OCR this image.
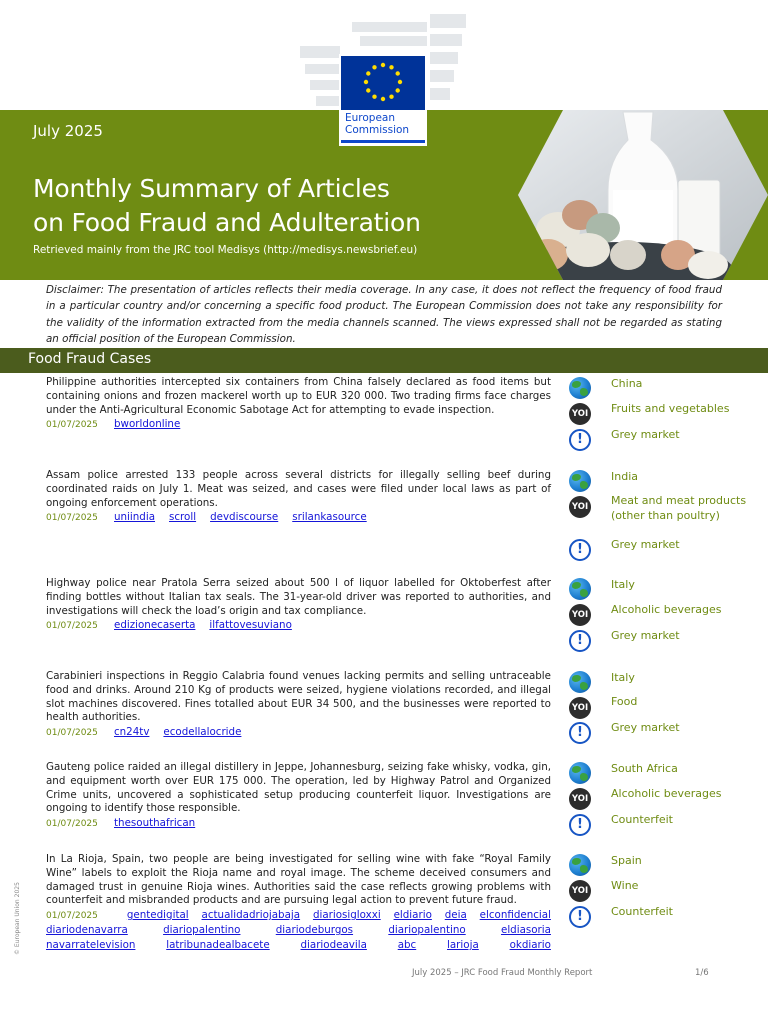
European
Commission
July 2025
Monthly Summary of Articles
on Food Fraud and Adulteration
Retrieved mainly from the JRC tool Medisys (http://medisys.newsbrief.eu)
Disclaimer: The presentation of articles reflects their media coverage. In any case, it does not reflect the frequency of food fraud in a particular country and/or concerning a specific food product. The European Commission does not take any responsibility for the validity of the information extracted from the media channels scanned. The views expressed shall not be regarded as stating an official position of the European Commission.
Food Fraud Cases
Philippine authorities intercepted six containers from China falsely declared as food items but containing onions and frozen mackerel worth up to EUR 320 000. Two trading firms face charges under the Anti-Agricultural Economic Sabotage Act for attempting to evade inspection.
01/07/2025 bworldonline
China
YOI Fruits and vegetables
!	Grey market
Assam police arrested 133 people across several districts for illegally selling beef during coordinated raids on July 1. Meat was seized, and cases were filed under local laws as part of ongoing enforcement operations.
01/07/2025 uniindia scroll devdiscourse srilankasource
India
YOI Meat and meat products (other than poultry)
!	Grey market
Highway police near Pratola Serra seized about 500 l of liquor labelled for Oktoberfest after finding bottles without Italian tax seals. The 31-year-old driver was reported to authorities, and investigations will check the load’s origin and tax compliance.
01/07/2025 edizionecaserta ilfattovesuviano
Italy
YOI Alcoholic beverages
!	Grey market
Carabinieri inspections in Reggio Calabria found venues lacking permits and selling untraceable food and drinks. Around 210 Kg of products were seized, hygiene violations recorded, and illegal slot machines discovered. Fines totalled about EUR 34 500, and the businesses were reported to health authorities.
01/07/2025 cn24tv ecodellalocride
Italy
YOI Food
!	Grey market
Gauteng police raided an illegal distillery in Jeppe, Johannesburg, seizing fake whisky, vodka, gin, and equipment worth over EUR 175 000. The operation, led by Highway Patrol and Organized Crime units, uncovered a sophisticated setup producing counterfeit liquor. Investigations are ongoing to identify those responsible.
01/07/2025 thesouthafrican
South Africa
YOI Alcoholic beverages
!	Counterfeit
In La Rioja, Spain, two people are being investigated for selling wine with fake “Royal Family Wine” labels to exploit the Rioja name and royal image. The scheme deceived consumers and damaged trust in genuine Rioja wines. Authorities said the case reflects growing problems with counterfeit and misbranded products and are pursuing legal action to prevent future fraud.
01/07/2025	gentedigital actualidadriojabaja diariosigloxxi eldiario deia elconfidencial
diariodenavarra	diariopalentino	diariodeburgos	diariopalentino	eldiasoria
navarratelevision	latribunadealbacete	diariodeavila	abc	larioja	okdiario
Spain
YOI Wine
!	Counterfeit
© European Union 2025
July 2025 – JRC Food Fraud Monthly Report	1/6
